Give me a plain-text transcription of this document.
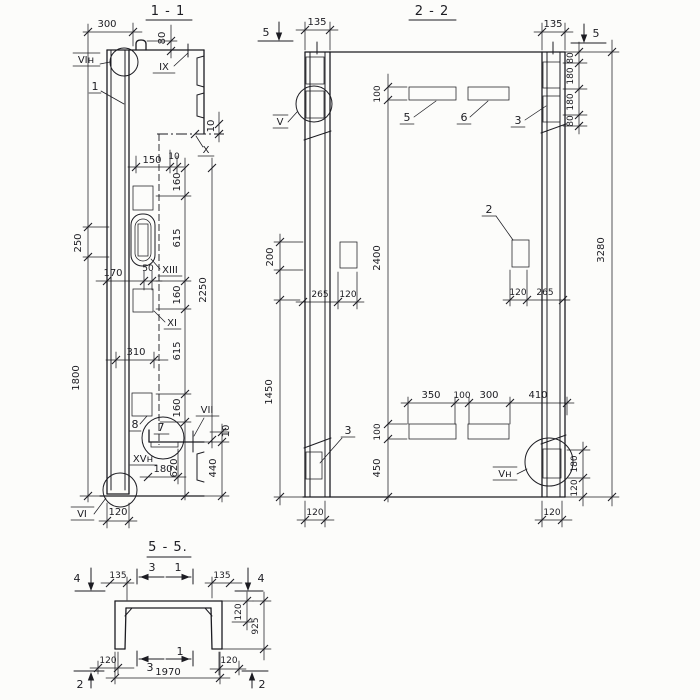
1 - 1
300
80
10
150 10
160
615
160
615
160
620
2250
250
1800
170 50
310
180
10
440
120
VIн
1
IX
X
XIII
XI
8 7
VII
XVн
VI
2 - 2
5	5
135	135
80
180
180
80
3280
100
2400
100
450
200
1450
265 120	120 265
350 100 300	410
180
120
120	120
V
Vн
5	6	3
2
3
5 - 5.
4	4
135	135
3 1
3
1
120
925
120	120
1970
2	2
